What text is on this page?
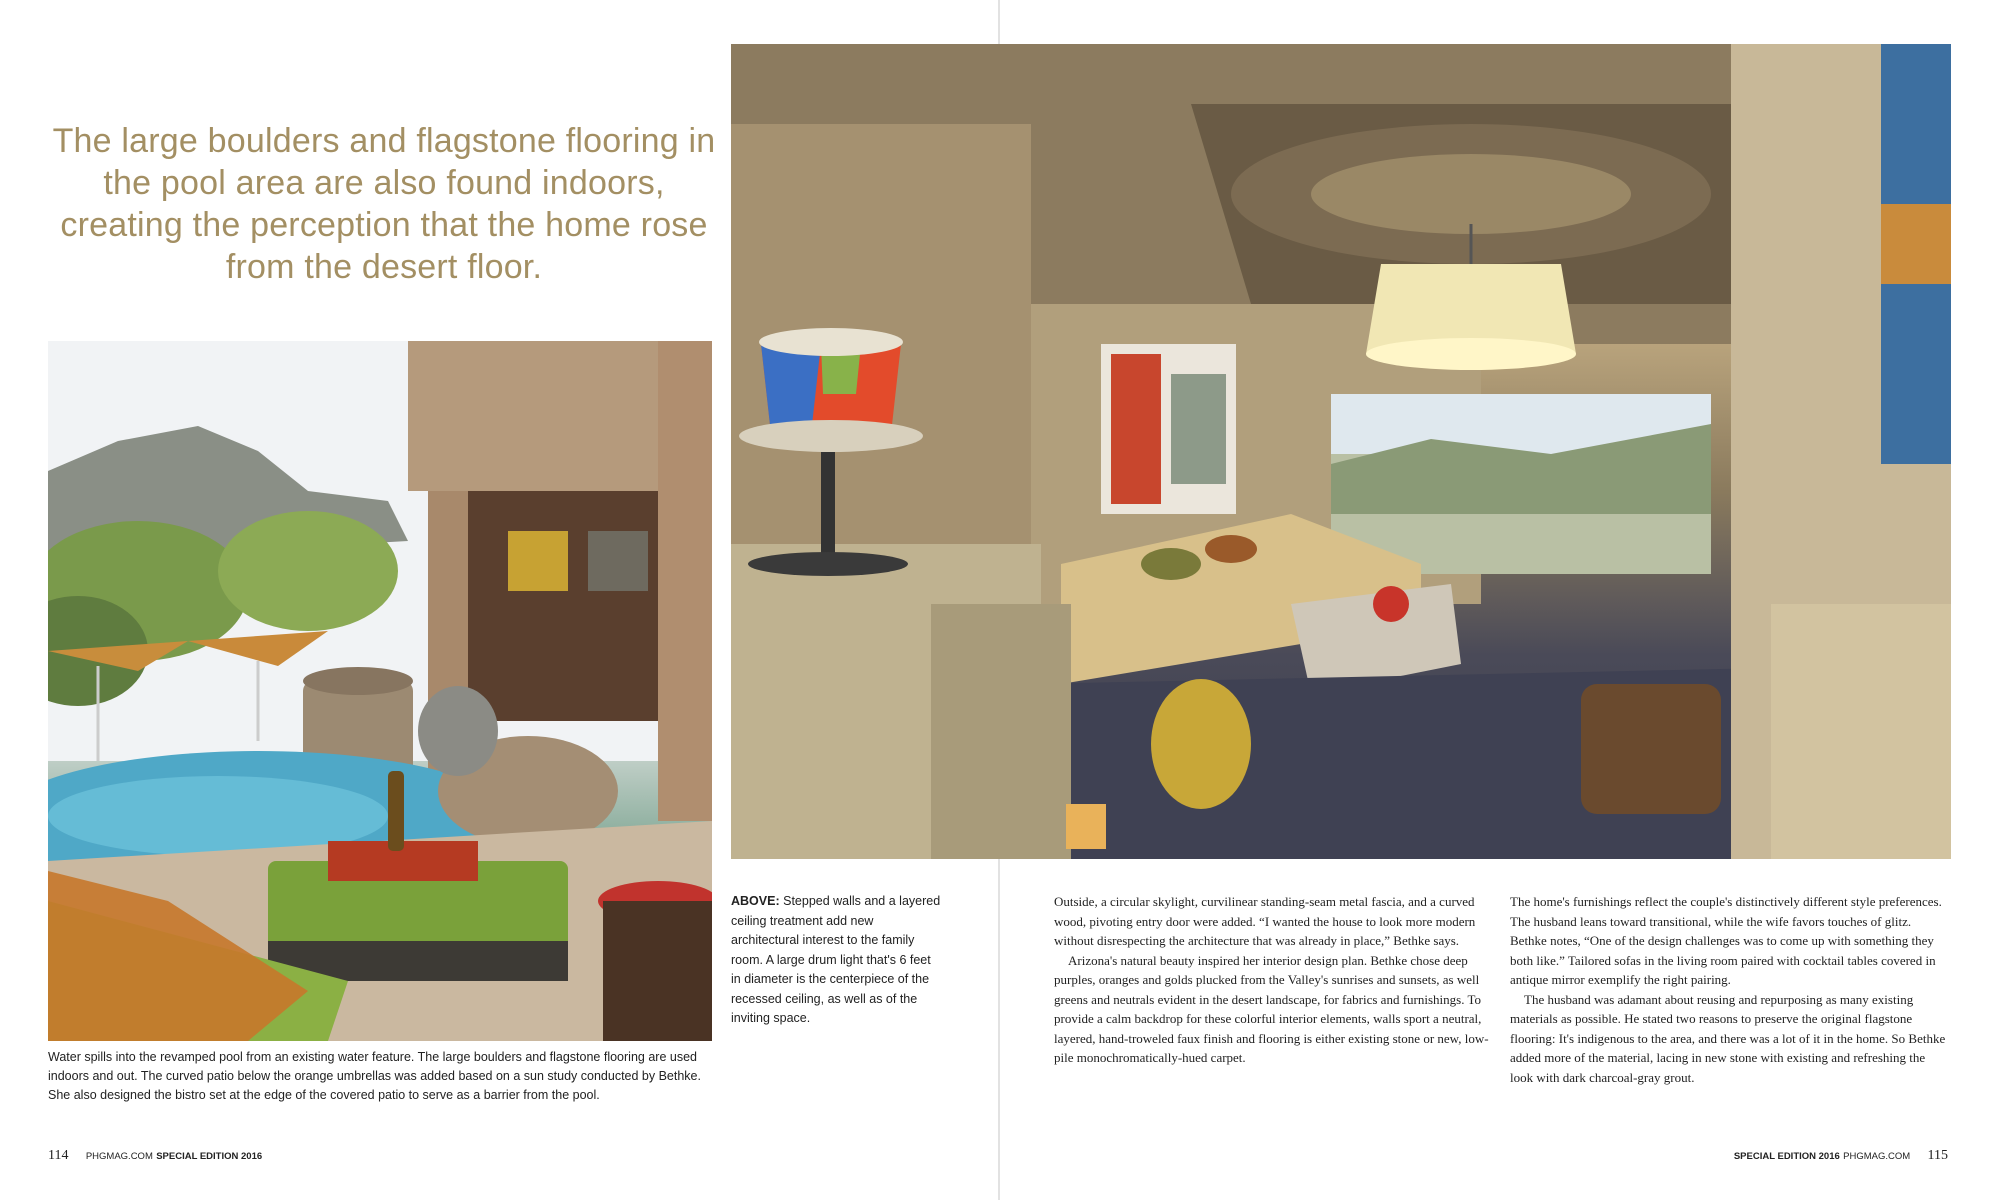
The large boulders and flagstone flooring in the pool area are also found indoors, creating the perception that the home rose from the desert floor.
Water spills into the revamped pool from an existing water feature. The large boulders and flagstone flooring are used indoors and out. The curved patio below the orange umbrellas was added based on a sun study conducted by Bethke. She also designed the bistro set at the edge of the covered patio to serve as a barrier from the pool.
ABOVE: Stepped walls and a layered ceiling treatment add new architectural interest to the family room. A large drum light that's 6 feet in diameter is the centerpiece of the recessed ceiling, as well as of the inviting space.

Outside, a circular skylight, curvilinear standing-seam metal fascia, and a curved wood, pivoting entry door were added. “I wanted the house to look more modern without disrespecting the architecture that was already in place,” Bethke says.

Arizona's natural beauty inspired her interior design plan. Bethke chose deep purples, oranges and golds plucked from the Valley's sunrises and sunsets, as well greens and neutrals evident in the desert landscape, for fabrics and furnishings. To provide a calm backdrop for these colorful interior elements, walls sport a neutral, layered, hand-troweled faux finish and flooring is either existing stone or new, low-pile monochromatically-hued carpet.

The home's furnishings reflect the couple's distinctively different style preferences. The husband leans toward transitional, while the wife favors touches of glitz. Bethke notes, “One of the design challenges was to come up with something they both like.” Tailored sofas in the living room paired with cocktail tables covered in antique mirror exemplify the right pairing.

The husband was adamant about reusing and repurposing as many existing materials as possible. He stated two reasons to preserve the original flagstone flooring: It's indigenous to the area, and there was a lot of it in the home. So Bethke added more of the material, lacing in new stone with existing and refreshing the look with dark charcoal-gray grout.

114 PHGMAG.COM SPECIAL EDITION 2016	SPECIAL EDITION 2016 PHGMAG.COM 115
